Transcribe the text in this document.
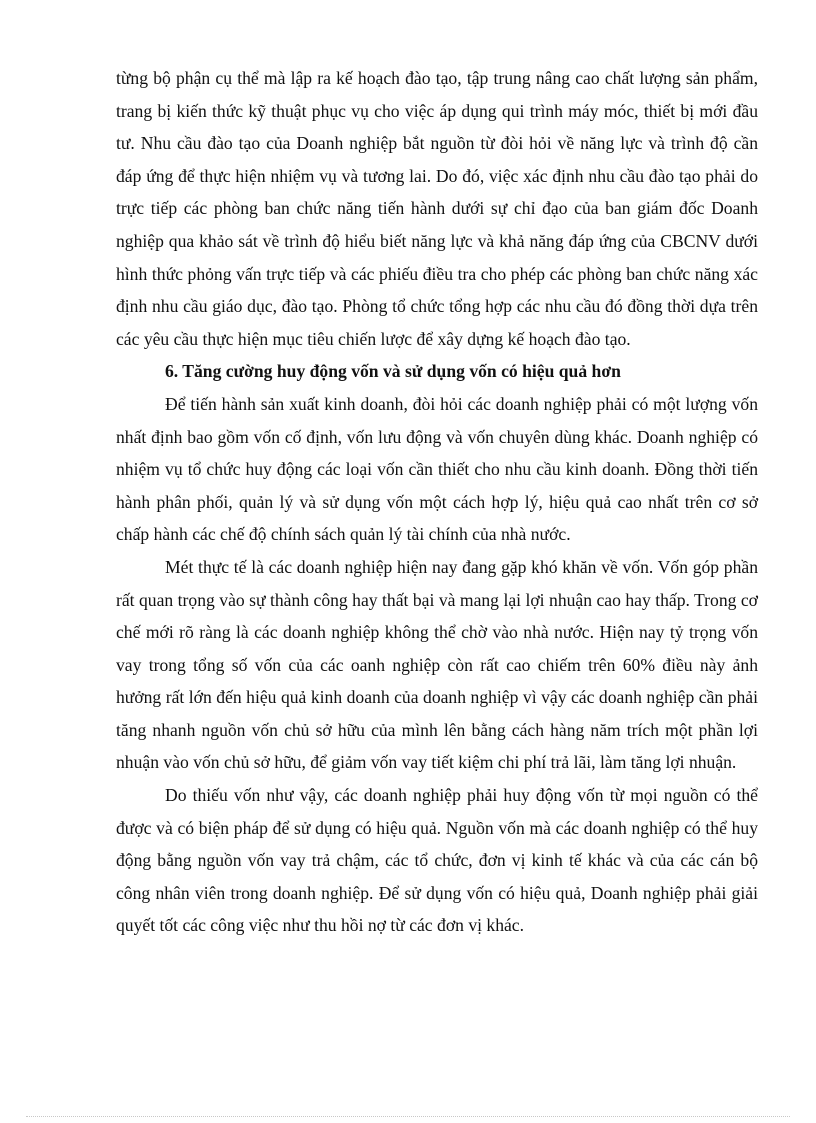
từng bộ phận cụ thể mà lập ra kế hoạch đào tạo, tập trung nâng cao chất lượng sản phẩm, trang bị kiến thức kỹ thuật phục vụ cho việc áp dụng qui trình máy móc, thiết bị mới đầu tư. Nhu cầu đào tạo của Doanh nghiệp bắt nguồn từ đòi hỏi về năng lực và trình độ cần đáp ứng để thực hiện nhiệm vụ và tương lai. Do đó, việc xác định nhu cầu đào tạo phải do trực tiếp các phòng ban chức năng tiến hành dưới sự chỉ đạo của ban giám đốc Doanh nghiệp qua khảo sát về trình độ hiểu biết năng lực và khả năng đáp ứng của CBCNV dưới hình thức phỏng vấn trực tiếp và các phiếu điều tra cho phép các phòng ban chức năng xác định nhu cầu giáo dục, đào tạo. Phòng tổ chức tổng hợp các nhu cầu đó đồng thời dựa trên các yêu cầu thực hiện mục tiêu chiến lược để xây dựng kế hoạch đào tạo.

6. Tăng cường huy động vốn và sử dụng vốn có hiệu quả hơn

Để tiến hành sản xuất kinh doanh, đòi hỏi các doanh nghiệp phải có một lượng vốn nhất định bao gồm vốn cố định, vốn lưu động và vốn chuyên dùng khác. Doanh nghiệp có nhiệm vụ tổ chức huy động các loại vốn cần thiết cho nhu cầu kinh doanh. Đồng thời tiến hành phân phối, quản lý và sử dụng vốn một cách hợp lý, hiệu quả cao nhất trên cơ sở chấp hành các chế độ chính sách quản lý tài chính của nhà nước.

Mét thực tế là các doanh nghiệp hiện nay đang gặp khó khăn về vốn. Vốn góp phần rất quan trọng vào sự thành công hay thất bại và mang lại lợi nhuận cao hay thấp. Trong cơ chế mới rõ ràng là các doanh nghiệp không thể chờ vào nhà nước. Hiện nay tỷ trọng vốn vay trong tổng số vốn của các oanh nghiệp còn rất cao chiếm trên 60% điều này ảnh hưởng rất lớn đến hiệu quả kinh doanh của doanh nghiệp vì vậy các doanh nghiệp cần phải tăng nhanh nguồn vốn chủ sở hữu của mình lên bằng cách hàng năm trích một phần lợi nhuận vào vốn chủ sở hữu, để giảm vốn vay tiết kiệm chi phí trả lãi, làm tăng lợi nhuận.

Do thiếu vốn như vậy, các doanh nghiệp phải huy động vốn từ mọi nguồn có thể được và có biện pháp để sử dụng có hiệu quả. Nguồn vốn mà các doanh nghiệp có thể huy động bằng nguồn vốn vay trả chậm, các tổ chức, đơn vị kinh tế khác và của các cán bộ công nhân viên trong doanh nghiệp. Để sử dụng vốn có hiệu quả, Doanh nghiệp phải giải quyết tốt các công việc như thu hồi nợ từ các đơn vị khác.
